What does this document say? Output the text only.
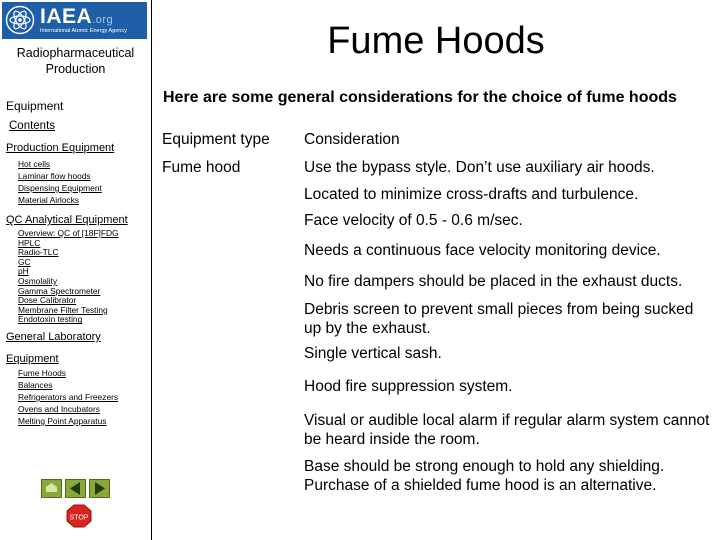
IAEA.org
International Atomic Energy Agency
Radiopharmaceutical Production
Equipment
Contents
Production Equipment
Hot cells
Laminar flow hoods
Dispensing Equipment
Material Airlocks
QC Analytical Equipment
Overview: QC of [18F]FDG
HPLC
Radio-TLC
GC
pH
Osmolality
Gamma Spectrometer
Dose Calibrator
Membrane Filter Testing
Endotoxin testing
General Laboratory
Equipment
Fume Hoods
Balances
Refrigerators and Freezers
Ovens and Incubators
Melting Point Apparatus
STOP
Fume Hoods
Here are some general considerations for the choice of fume hoods
Equipment type Consideration
Fume hood	Use the bypass style. Don’t use auxiliary air hoods.
Located to minimize cross-drafts and turbulence.
Face velocity of 0.5 - 0.6 m/sec.
Needs a continuous face velocity monitoring device.
No fire dampers should be placed in the exhaust ducts.
Debris screen to prevent small pieces from being sucked up by the exhaust.
Single vertical sash.
Hood fire suppression system.
Visual or audible local alarm if regular alarm system cannot be heard inside the room.
Base should be strong enough to hold any shielding. Purchase of a shielded fume hood is an alternative.
